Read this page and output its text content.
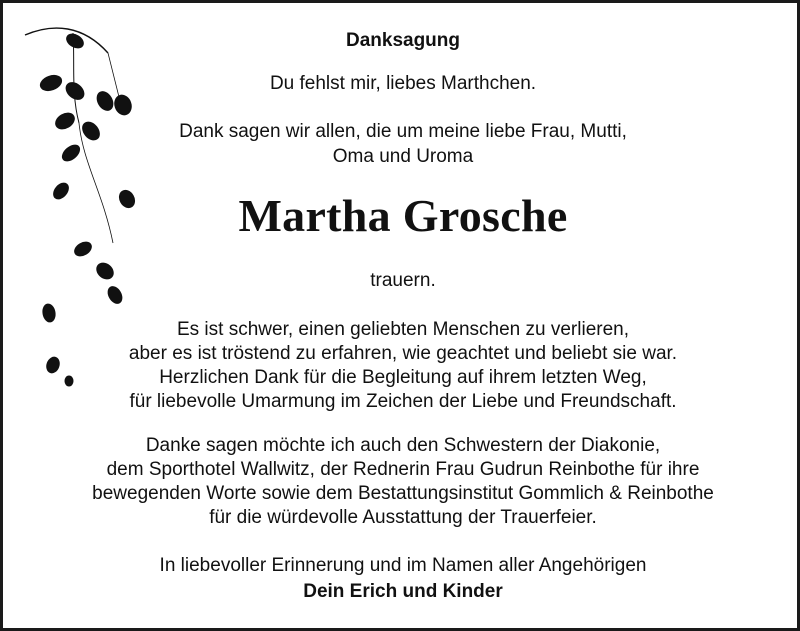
Danksagung
Du fehlst mir, liebes Marthchen.
Dank sagen wir allen, die um meine liebe Frau, Mutti,
Oma und Uroma
Martha Grosche
trauern.
Es ist schwer, einen geliebten Menschen zu verlieren,
aber es ist tröstend zu erfahren, wie geachtet und beliebt sie war.
Herzlichen Dank für die Begleitung auf ihrem letzten Weg,
für liebevolle Umarmung im Zeichen der Liebe und Freundschaft.
Danke sagen möchte ich auch den Schwestern der Diakonie,
dem Sporthotel Wallwitz, der Rednerin Frau Gudrun Reinbothe für ihre
bewegenden Worte sowie dem Bestattungsinstitut Gommlich & Reinbothe
für die würdevolle Ausstattung der Trauerfeier.
In liebevoller Erinnerung und im Namen aller Angehörigen
Dein Erich und Kinder
